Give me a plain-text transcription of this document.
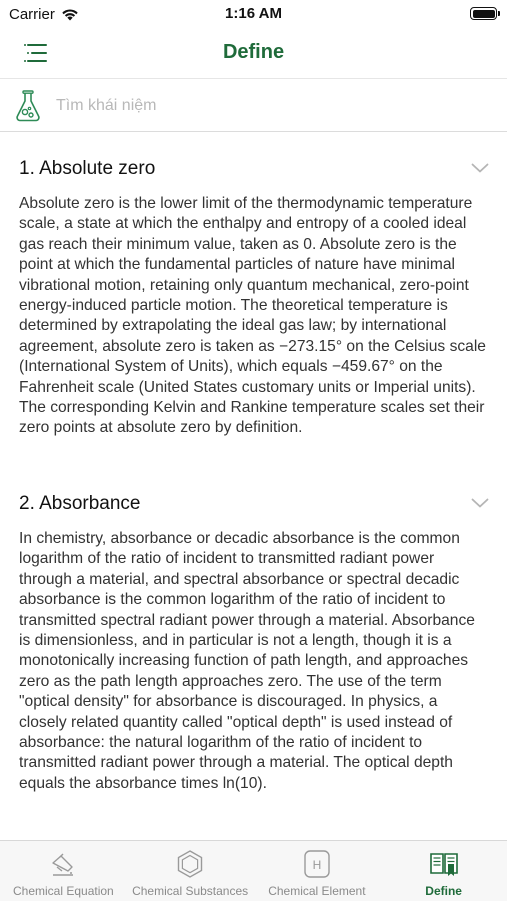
Carrier	1:16 AM
Define
Tìm khái niệm
1. Absolute zero

Absolute zero is the lower limit of the thermodynamic temperature scale, a state at which the enthalpy and entropy of a cooled ideal gas reach their minimum value, taken as 0. Absolute zero is the point at which the fundamental particles of nature have minimal vibrational motion, retaining only quantum mechanical, zero-point energy-induced particle motion. The theoretical temperature is determined by extrapolating the ideal gas law; by international agreement, absolute zero is taken as −273.15° on the Celsius scale (International System of Units), which equals −459.67° on the Fahrenheit scale (United States customary units or Imperial units). The corresponding Kelvin and Rankine temperature scales set their zero points at absolute zero by definition.

2. Absorbance

In chemistry, absorbance or decadic absorbance is the common logarithm of the ratio of incident to transmitted radiant power through a material, and spectral absorbance or spectral decadic absorbance is the common logarithm of the ratio of incident to transmitted spectral radiant power through a material. Absorbance is dimensionless, and in particular is not a length, though it is a monotonically increasing function of path length, and approaches zero as the path length approaches zero. The use of the term "optical density" for absorbance is discouraged. In physics, a closely related quantity called "optical depth" is used instead of absorbance: the natural logarithm of the ratio of incident to transmitted radiant power through a material. The optical depth equals the absorbance times ln(10).

Chemical Equation	Chemical Substances
H
Chemical Element	Define
